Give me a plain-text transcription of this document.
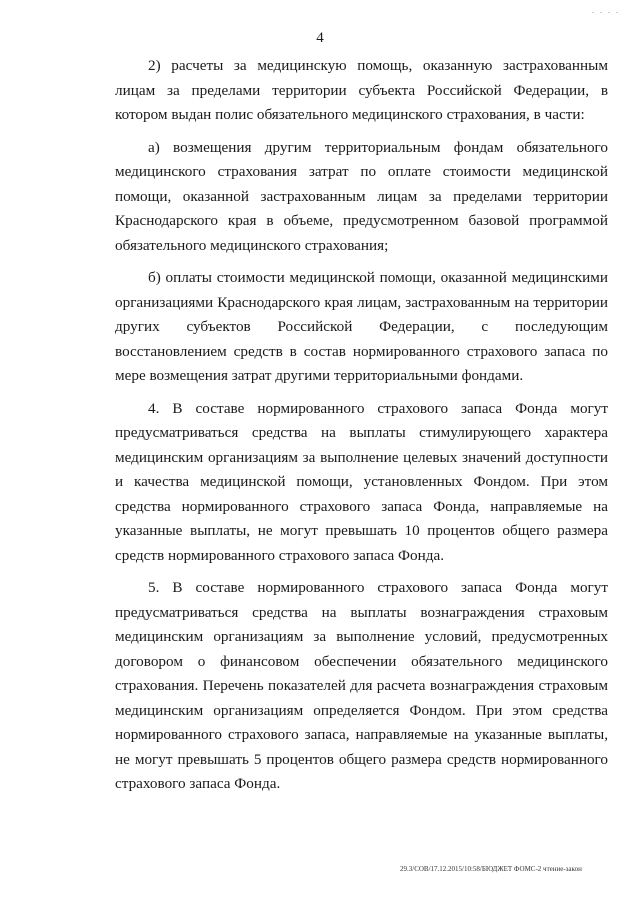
. . . .
4

2) расчеты за медицинскую помощь, оказанную застрахованным лицам за пределами территории субъекта Российской Федерации, в котором выдан полис обязательного медицинского страхования, в части:

а) возмещения другим территориальным фондам обязательного медицинского страхования затрат по оплате стоимости медицинской помощи, оказанной застрахованным лицам за пределами территории Краснодарского края в объеме, предусмотренном базовой программой обязательного медицинского страхования;

б) оплаты стоимости медицинской помощи, оказанной медицинскими организациями Краснодарского края лицам, застрахованным на территории других субъектов Российской Федерации, с последующим восстановлением средств в состав нормированного страхового запаса по мере возмещения затрат другими территориальными фондами.

4. В составе нормированного страхового запаса Фонда могут предусматриваться средства на выплаты стимулирующего характера медицинским организациям за выполнение целевых значений доступности и качества медицинской помощи, установленных Фондом. При этом средства нормированного страхового запаса Фонда, направляемые на указанные выплаты, не могут превышать 10 процентов общего размера средств нормированного страхового запаса Фонда.

5. В составе нормированного страхового запаса Фонда могут предусматриваться средства на выплаты вознаграждения страховым медицинским организациям за выполнение условий, предусмотренных договором о финансовом обеспечении обязательного медицинского страхования. Перечень показателей для расчета вознаграждения страховым медицинским организациям определяется Фондом. При этом средства нормированного страхового запаса, направляемые на указанные выплаты, не могут превышать 5 процентов общего размера средств нормированного страхового запаса Фонда.

29.3/СОВ/17.12.2015/10:58/БЮДЖЕТ ФОМС-2 чтение-закон
